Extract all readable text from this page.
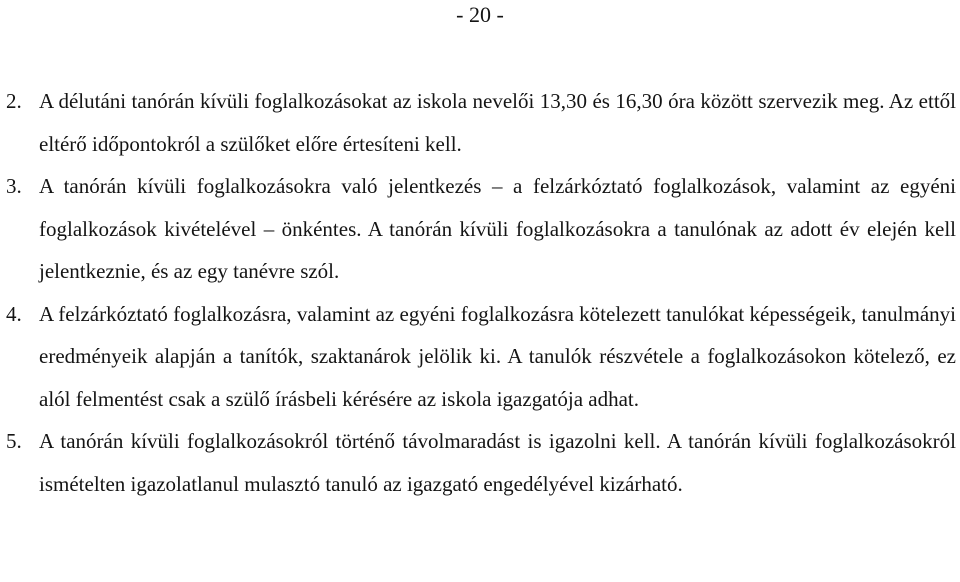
- 20 -
2. A délutáni tanórán kívüli foglalkozásokat az iskola nevelői 13,30 és 16,30 óra között szervezik meg. Az ettől eltérő időpontokról a szülőket előre értesíteni kell.
3. A tanórán kívüli foglalkozásokra való jelentkezés – a felzárkóztató foglalkozások, valamint az egyéni foglalkozások kivételével – önkéntes. A tanórán kívüli foglalkozásokra a tanulónak az adott év elején kell jelentkeznie, és az egy tanévre szól.
4. A felzárkóztató foglalkozásra, valamint az egyéni foglalkozásra kötelezett tanulókat képességeik, tanulmányi eredményeik alapján a tanítók, szaktanárok jelölik ki. A tanulók részvétele a foglalkozásokon kötelező, ez alól felmentést csak a szülő írásbeli kérésére az iskola igazgatója adhat.
5. A tanórán kívüli foglalkozásokról történő távolmaradást is igazolni kell. A tanórán kívüli foglalkozásokról ismételten igazolatlanul mulasztó tanuló az igazgató engedélyével kizárható.
